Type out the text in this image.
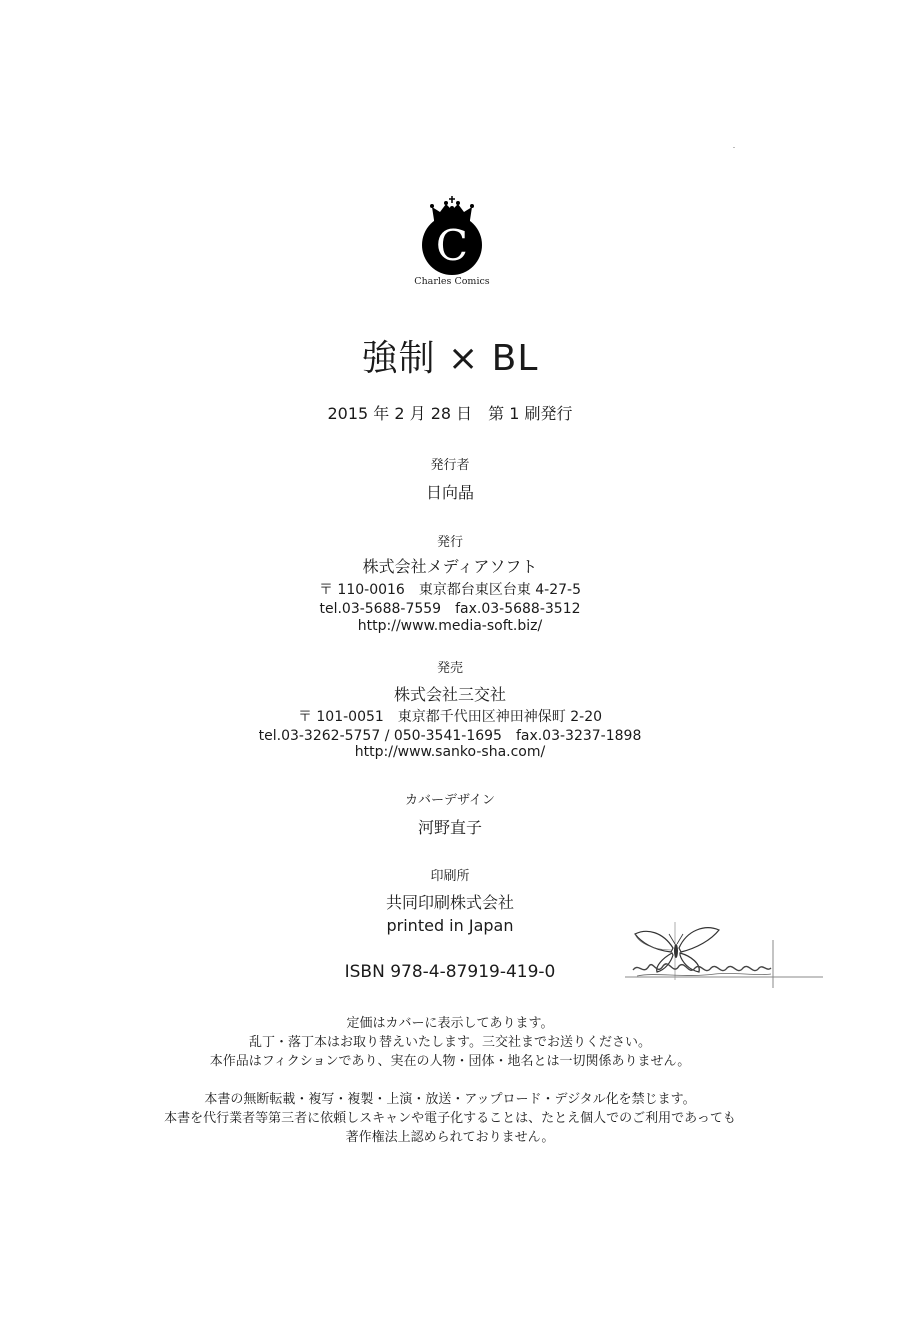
C
Charles Comics
強制 × BL
2015 年 2 月 28 日　第 1 刷発行
発行者
日向晶
発行
株式会社メディアソフト
〒 110-0016　東京都台東区台東 4-27-5
tel.03-5688-7559　fax.03-5688-3512
http://www.media-soft.biz/
発売
株式会社三交社
〒 101-0051　東京都千代田区神田神保町 2-20
tel.03-3262-5757 / 050-3541-1695　fax.03-3237-1898
http://www.sanko-sha.com/
カバーデザイン
河野直子
印刷所
共同印刷株式会社
printed in Japan
ISBN 978-4-87919-419-0
定価はカバーに表示してあります。
乱丁・落丁本はお取り替えいたします。三交社までお送りください。
本作品はフィクションであり、実在の人物・団体・地名とは一切関係ありません。
本書の無断転載・複写・複製・上演・放送・アップロード・デジタル化を禁じます。
本書を代行業者等第三者に依頼しスキャンや電子化することは、たとえ個人でのご利用であっても
著作権法上認められておりません。
